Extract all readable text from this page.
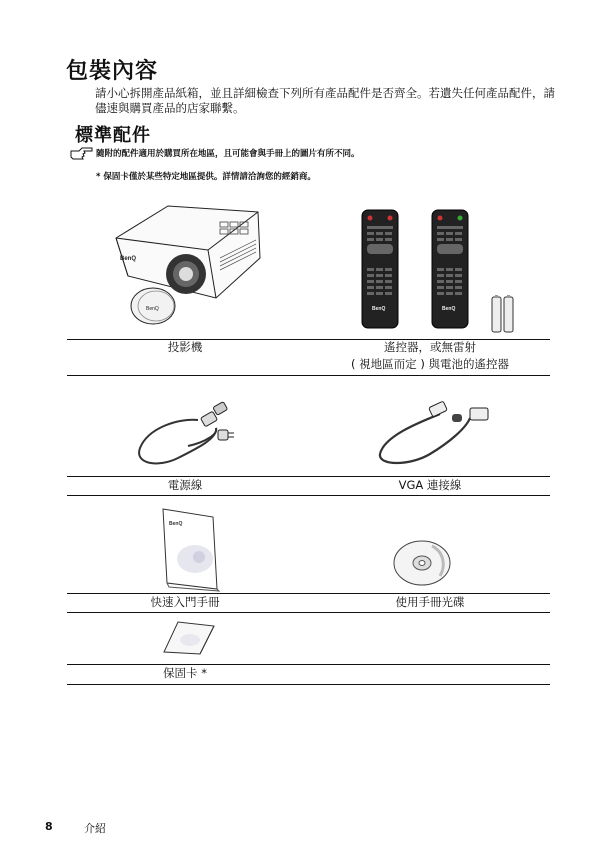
包裝內容
請小心拆開產品紙箱，並且詳細檢查下列所有產品配件是否齊全。若遺失任何產品配件，請儘速與購買產品的店家聯繫。
標準配件
隨附的配件適用於購買所在地區，且可能會與手冊上的圖片有所不同。
* 保固卡僅於某些特定地區提供。詳情請洽詢您的經銷商。
BenQ
BenQ	BenQ	BenQ
投影機	遙控器，或無雷射
( 視地區而定 ) 與電池的遙控器
電源線	VGA 連接線
BenQ
快速入門手冊	使用手冊光碟
保固卡 *
8	介紹
